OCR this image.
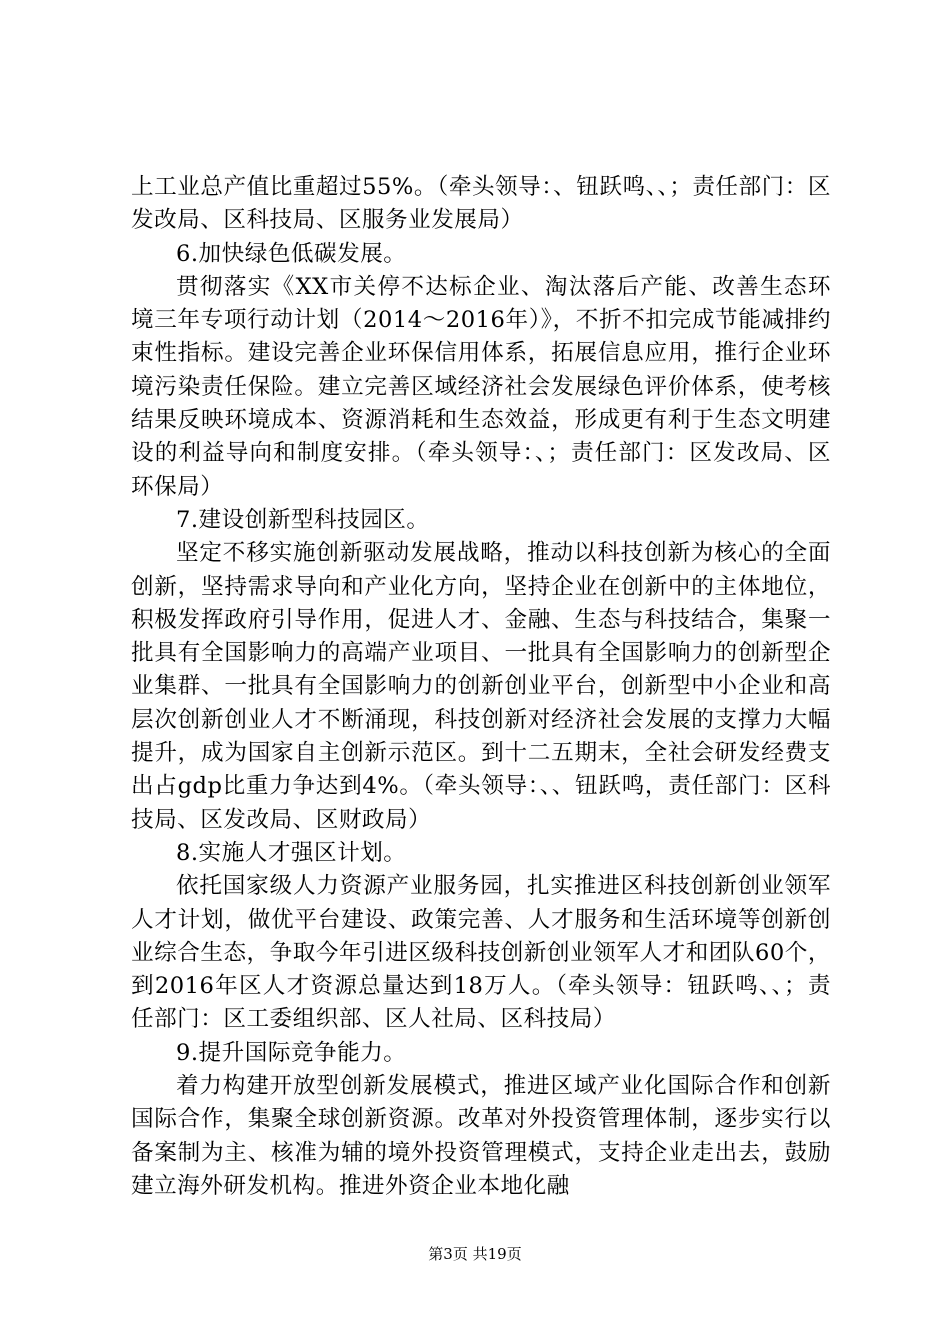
上工业总产值比重超过55%。（牵头领导：、钮跃鸣、、；责任部门：区发改局、区科技局、区服务业发展局）

6.加快绿色低碳发展。

贯彻落实《XX市关停不达标企业、淘汰落后产能、改善生态环境三年专项行动计划（2014～2016年）》，不折不扣完成节能减排约束性指标。建设完善企业环保信用体系，拓展信息应用，推行企业环境污染责任保险。建立完善区域经济社会发展绿色评价体系，使考核结果反映环境成本、资源消耗和生态效益，形成更有利于生态文明建设的利益导向和制度安排。（牵头领导：、；责任部门：区发改局、区环保局）

7.建设创新型科技园区。

坚定不移实施创新驱动发展战略，推动以科技创新为核心的全面创新，坚持需求导向和产业化方向，坚持企业在创新中的主体地位，积极发挥政府引导作用，促进人才、金融、生态与科技结合，集聚一批具有全国影响力的高端产业项目、一批具有全国影响力的创新型企业集群、一批具有全国影响力的创新创业平台，创新型中小企业和高层次创新创业人才不断涌现，科技创新对经济社会发展的支撑力大幅提升，成为国家自主创新示范区。到十二五期末，全社会研发经费支出占gdp比重力争达到4%。（牵头领导：、、钮跃鸣，责任部门：区科技局、区发改局、区财政局）

8.实施人才强区计划。

依托国家级人力资源产业服务园，扎实推进区科技创新创业领军人才计划，做优平台建设、政策完善、人才服务和生活环境等创新创业综合生态，争取今年引进区级科技创新创业领军人才和团队60个，到2016年区人才资源总量达到18万人。（牵头领导：钮跃鸣、、；责任部门：区工委组织部、区人社局、区科技局）

9.提升国际竞争能力。

着力构建开放型创新发展模式，推进区域产业化国际合作和创新国际合作，集聚全球创新资源。改革对外投资管理体制，逐步实行以备案制为主、核准为辅的境外投资管理模式，支持企业走出去，鼓励建立海外研发机构。推进外资企业本地化融

第3页 共19页
